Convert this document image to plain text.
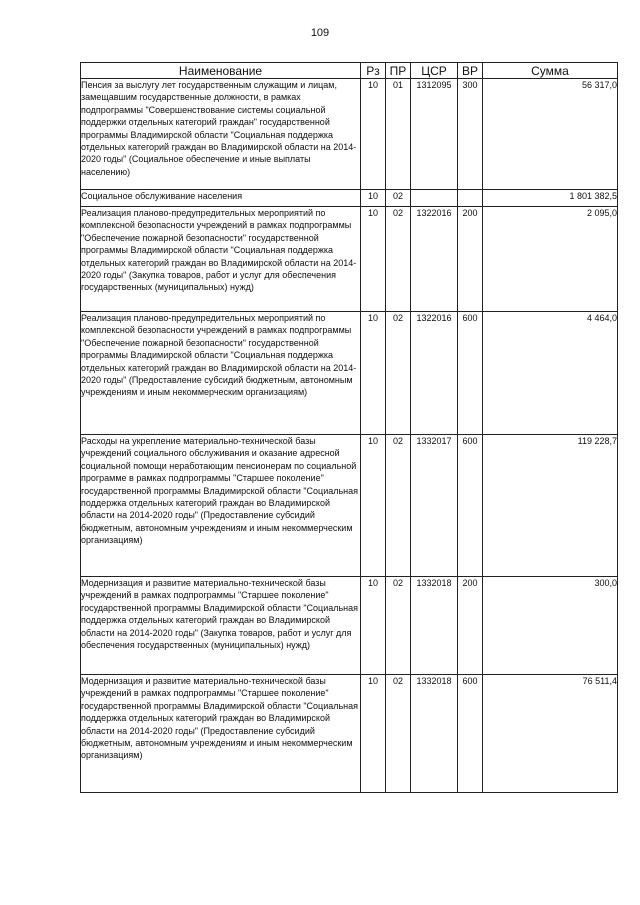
109
Наименование	Рз	ПР	ЦСР	ВР	Сумма
Пенсия за выслугу лет государственным служащим и лицам, замещавшим государственные должности, в рамках подпрограммы "Совершенствование системы социальной поддержки отдельных категорий граждан" государственной программы Владимирской области "Социальная поддержка отдельных категорий граждан во Владимирской области на 2014-2020 годы" (Социальное обеспечение и иные выплаты населению)	10	01	1312095	300	56 317,0
Социальное обслуживание населения	10	02			1 801 382,5
Реализация планово-предупредительных мероприятий по комплексной безопасности учреждений в рамках подпрограммы "Обеспечение пожарной безопасности" государственной программы Владимирской области "Социальная поддержка отдельных категорий граждан во Владимирской области на 2014-2020 годы" (Закупка товаров, работ и услуг для обеспечения государственных (муниципальных) нужд)	10	02	1322016	200	2 095,0
Реализация планово-предупредительных мероприятий по комплексной безопасности учреждений в рамках подпрограммы "Обеспечение пожарной безопасности" государственной программы Владимирской области "Социальная поддержка отдельных категорий граждан во Владимирской области на 2014-2020 годы" (Предоставление субсидий бюджетным, автономным учреждениям и иным некоммерческим организациям)	10	02	1322016	600	4 464,0
Расходы на укрепление материально-технической базы учреждений социального обслуживания и оказание адресной социальной помощи неработающим пенсионерам по социальной программе в рамках подпрограммы "Старшее поколение" государственной программы Владимирской области "Социальная поддержка отдельных категорий граждан во Владимирской области на 2014-2020 годы" (Предоставление субсидий бюджетным, автономным учреждениям и иным некоммерческим организациям)	10	02	1332017	600	119 228,7
Модернизация и развитие материально-технической базы учреждений в рамках подпрограммы "Старшее поколение" государственной программы Владимирской области "Социальная поддержка отдельных категорий граждан во Владимирской области на 2014-2020 годы" (Закупка товаров, работ и услуг для обеспечения государственных (муниципальных) нужд)	10	02	1332018	200	300,0
Модернизация и развитие материально-технической базы учреждений в рамках подпрограммы "Старшее поколение" государственной программы Владимирской области "Социальная поддержка отдельных категорий граждан во Владимирской области на 2014-2020 годы" (Предоставление субсидий бюджетным, автономным учреждениям и иным некоммерческим организациям)	10	02	1332018	600	76 511,4
